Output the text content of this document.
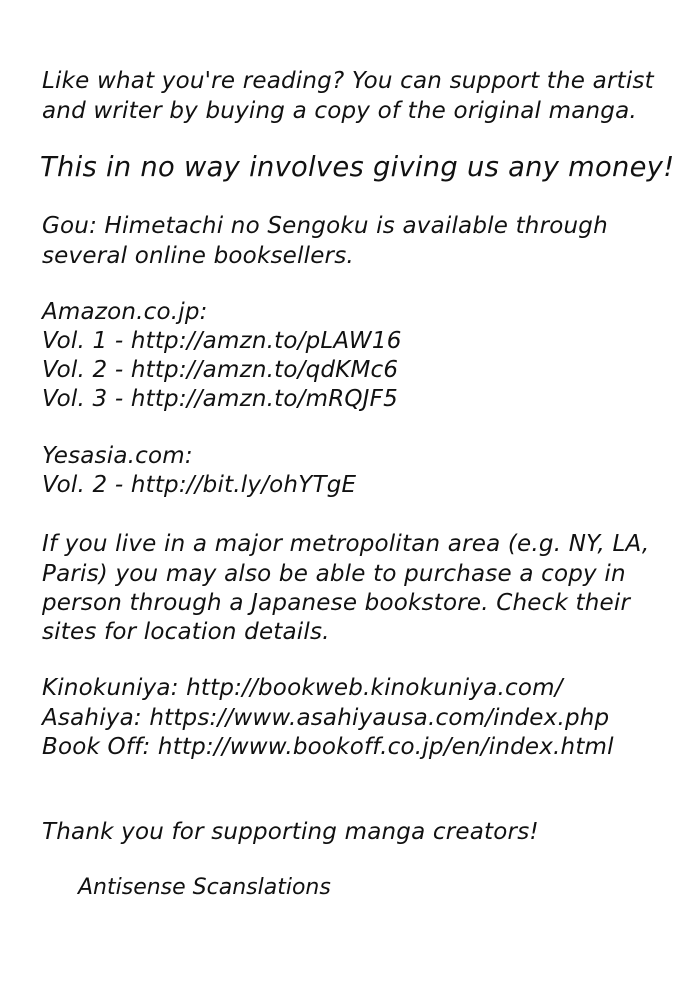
Like what you're reading? You can support the artist
and writer by buying a copy of the original manga.
This in no way involves giving us any money!
Gou: Himetachi no Sengoku is available through
several online booksellers.
Amazon.co.jp:
Vol. 1 - http://amzn.to/pLAW16
Vol. 2 - http://amzn.to/qdKMc6
Vol. 3 - http://amzn.to/mRQJF5
Yesasia.com:
Vol. 2 - http://bit.ly/ohYTgE
If you live in a major metropolitan area (e.g. NY, LA,
Paris) you may also be able to purchase a copy in
person through a Japanese bookstore. Check their
sites for location details.
Kinokuniya: http://bookweb.kinokuniya.com/
Asahiya: https://www.asahiyausa.com/index.php
Book Off: http://www.bookoff.co.jp/en/index.html
Thank you for supporting manga creators!
Antisense Scanslations
